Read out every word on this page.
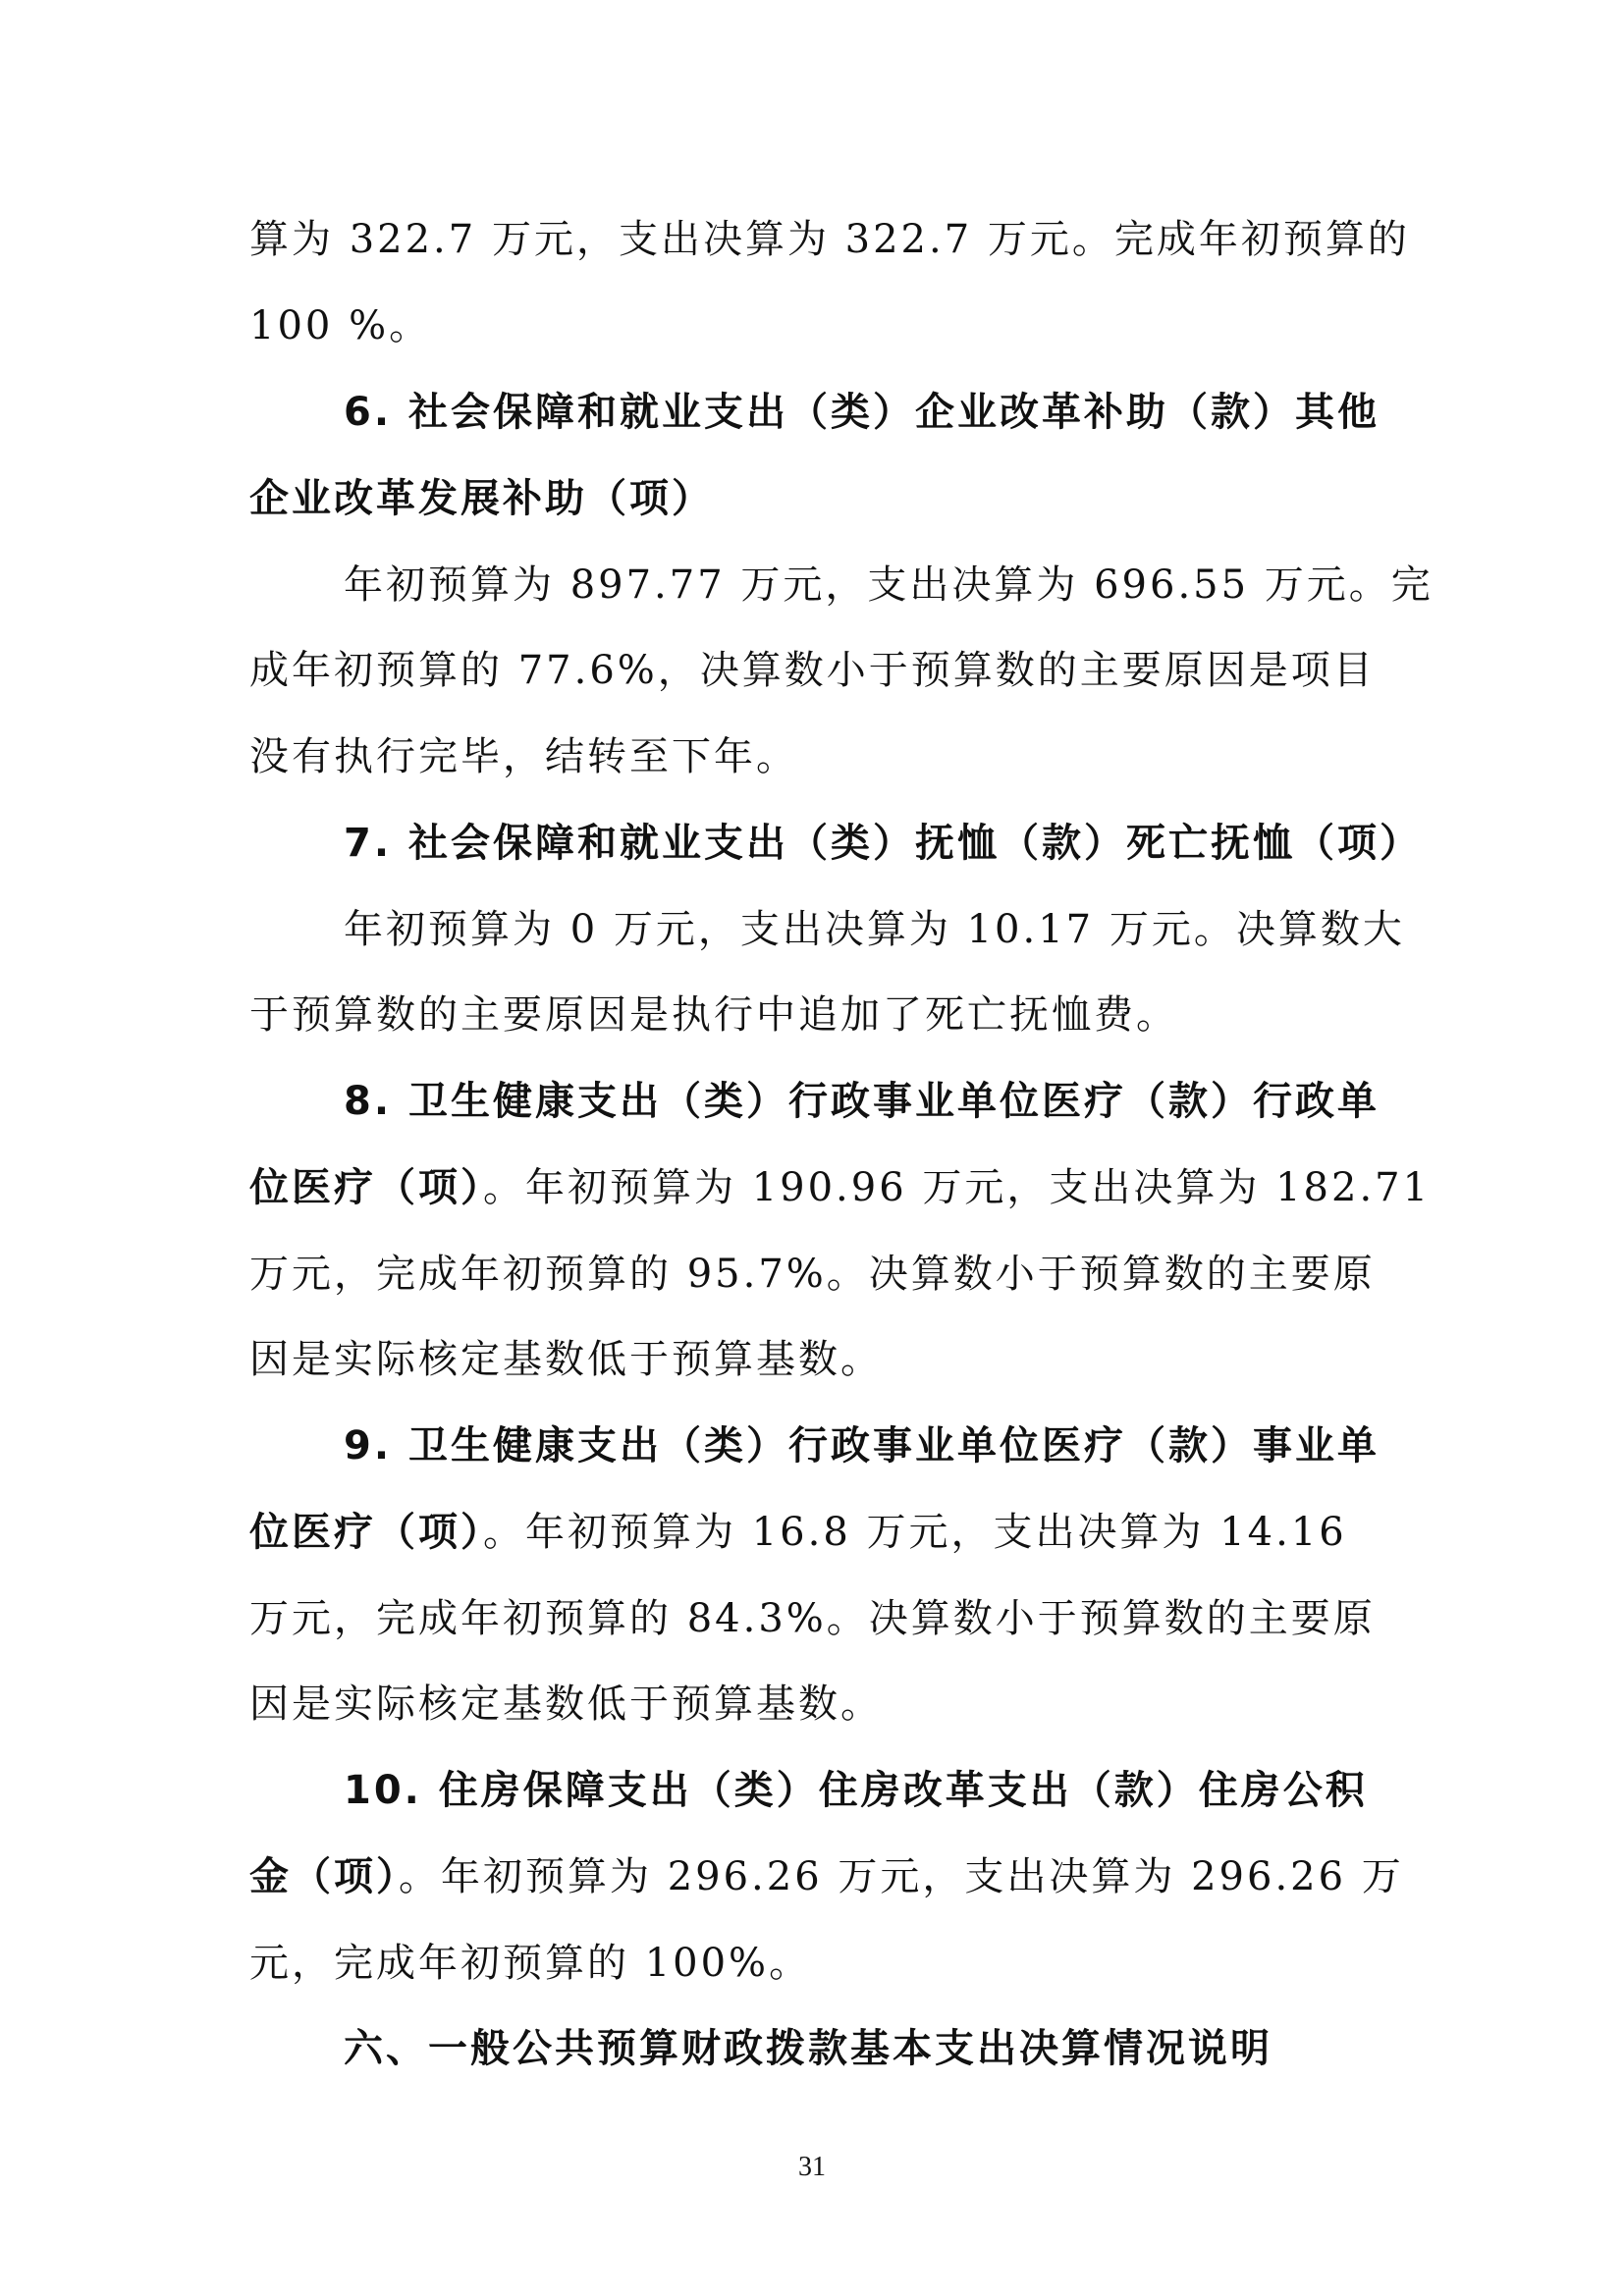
算为 322.7 万元，支出决算为 322.7 万元。完成年初预算的
100 %。
6. 社会保障和就业支出（类）企业改革补助（款）其他
企业改革发展补助（项）
年初预算为 897.77 万元，支出决算为 696.55 万元。完
成年初预算的 77.6%，决算数小于预算数的主要原因是项目
没有执行完毕，结转至下年。
7. 社会保障和就业支出（类）抚恤（款）死亡抚恤（项）
年初预算为 0 万元，支出决算为 10.17 万元。决算数大
于预算数的主要原因是执行中追加了死亡抚恤费。
8. 卫生健康支出（类）行政事业单位医疗（款）行政单
位医疗（项）。年初预算为 190.96 万元，支出决算为 182.71
万元，完成年初预算的 95.7%。决算数小于预算数的主要原
因是实际核定基数低于预算基数。
9. 卫生健康支出（类）行政事业单位医疗（款）事业单
位医疗（项）。年初预算为 16.8 万元，支出决算为 14.16
万元，完成年初预算的 84.3%。决算数小于预算数的主要原
因是实际核定基数低于预算基数。
10. 住房保障支出（类）住房改革支出（款）住房公积
金（项）。年初预算为 296.26 万元，支出决算为 296.26 万
元，完成年初预算的 100%。
六、一般公共预算财政拨款基本支出决算情况说明
31
